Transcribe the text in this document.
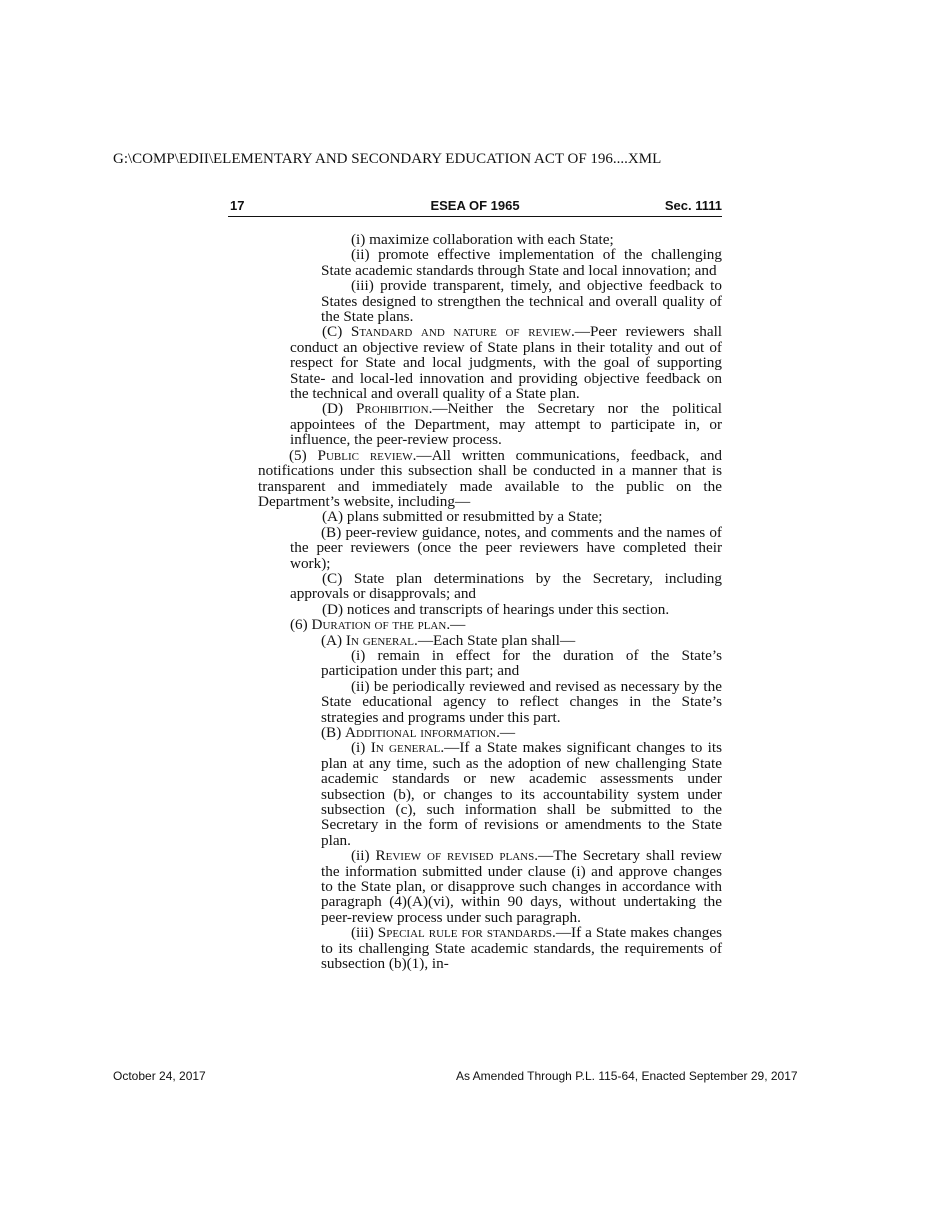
G:\COMP\EDII\ELEMENTARY AND SECONDARY EDUCATION ACT OF 196....XML
ESEA OF 1965
17	Sec. 1111
(i) maximize collaboration with each State;
(ii) promote effective implementation of the challenging State academic standards through State and local innovation; and
(iii) provide transparent, timely, and objective feedback to States designed to strengthen the technical and overall quality of the State plans.
(C) Standard and nature of review.—Peer reviewers shall conduct an objective review of State plans in their totality and out of respect for State and local judgments, with the goal of supporting State- and local-led innovation and providing objective feedback on the technical and overall quality of a State plan.
(D) Prohibition.—Neither the Secretary nor the political appointees of the Department, may attempt to participate in, or influence, the peer-review process.
(5) Public review.—All written communications, feedback, and notifications under this subsection shall be conducted in a manner that is transparent and immediately made available to the public on the Department’s website, including—
(A) plans submitted or resubmitted by a State;
(B) peer-review guidance, notes, and comments and the names of the peer reviewers (once the peer reviewers have completed their work);
(C) State plan determinations by the Secretary, including approvals or disapprovals; and
(D) notices and transcripts of hearings under this section.
(6) Duration of the plan.—
(A) In general.—Each State plan shall—
(i) remain in effect for the duration of the State’s participation under this part; and
(ii) be periodically reviewed and revised as necessary by the State educational agency to reflect changes in the State’s strategies and programs under this part.
(B) Additional information.—
(i) In general.—If a State makes significant changes to its plan at any time, such as the adoption of new challenging State academic standards or new academic assessments under subsection (b), or changes to its accountability system under subsection (c), such information shall be submitted to the Secretary in the form of revisions or amendments to the State plan.
(ii) Review of revised plans.—The Secretary shall review the information submitted under clause (i) and approve changes to the State plan, or disapprove such changes in accordance with paragraph (4)(A)(vi), within 90 days, without undertaking the peer-review process under such paragraph.
(iii) Special rule for standards.—If a State makes changes to its challenging State academic standards, the requirements of subsection (b)(1), in-
October 24, 2017	As Amended Through P.L. 115-64, Enacted September 29, 2017
